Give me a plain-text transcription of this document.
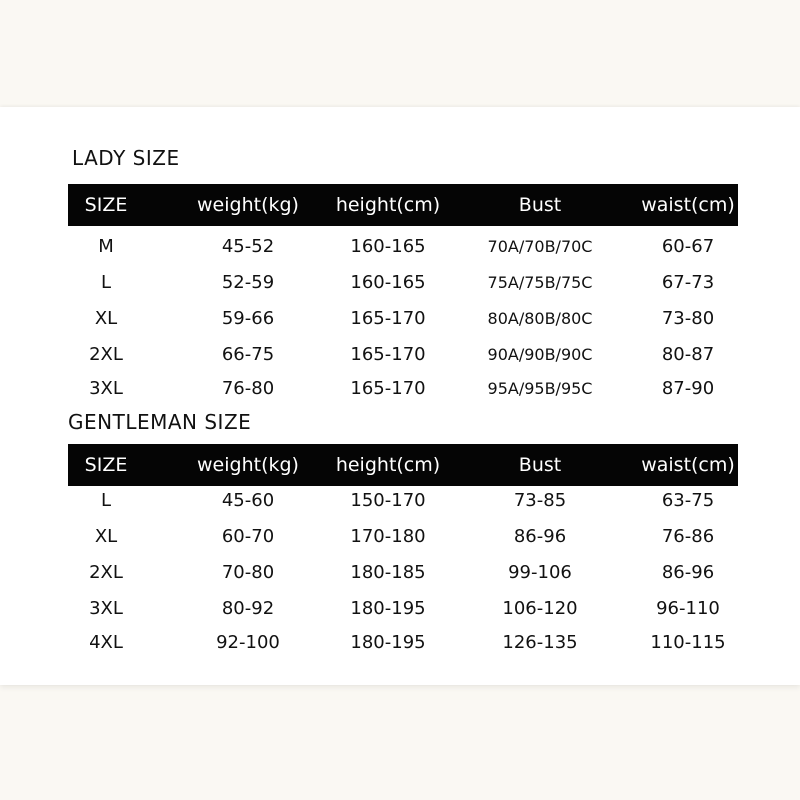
LADY SIZE
SIZE	weight(kg)	height(cm)	Bust	waist(cm)
M	45-52	160-165	70A/70B/70C	60-67
L	52-59	160-165	75A/75B/75C	67-73
XL	59-66	165-170	80A/80B/80C	73-80
2XL	66-75	165-170	90A/90B/90C	80-87
3XL	76-80	165-170	95A/95B/95C	87-90
GENTLEMAN SIZE
SIZE	weight(kg)	height(cm)	Bust	waist(cm)
L	45-60	150-170	73-85	63-75
XL	60-70	170-180	86-96	76-86
2XL	70-80	180-185	99-106	86-96
3XL	80-92	180-195	106-120	96-110
4XL	92-100	180-195	126-135	110-115
